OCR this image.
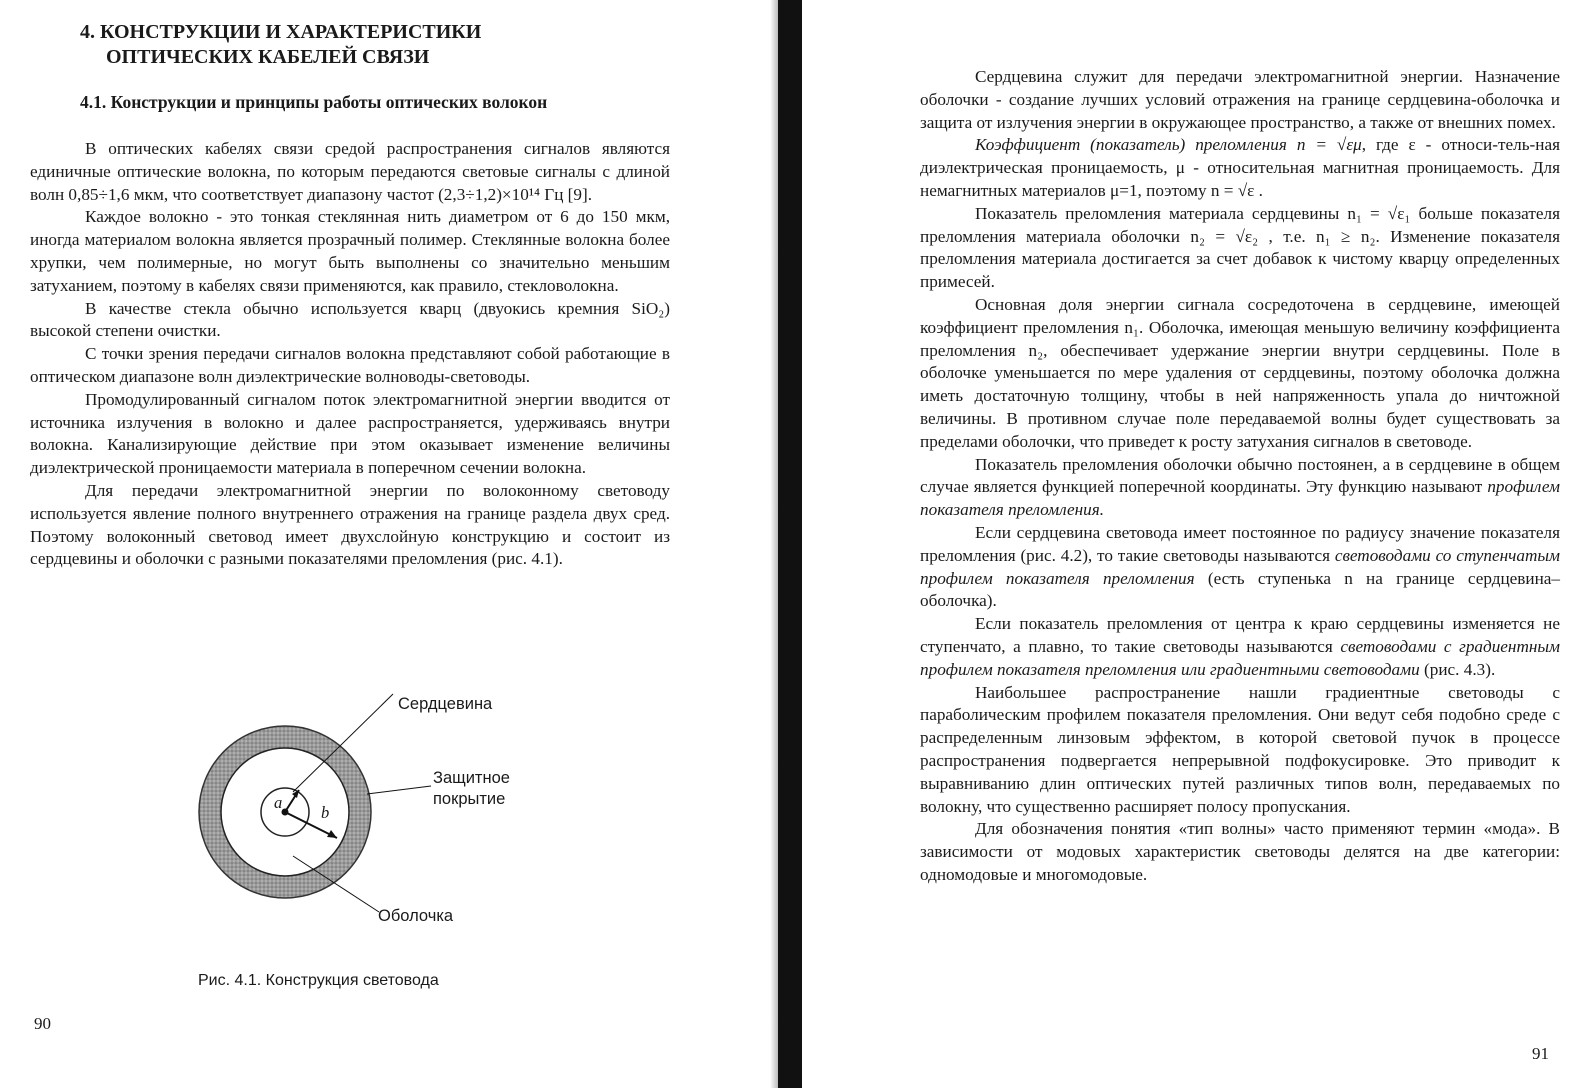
4. КОНСТРУКЦИИ И ХАРАКТЕРИСТИКИ
ОПТИЧЕСКИХ КАБЕЛЕЙ СВЯЗИ
4.1. Конструкции и принципы работы оптических волокон

В оптических кабелях связи средой распространения сигналов являются единичные оптические волокна, по которым передаются световые сигналы с длиной волн 0,85÷1,6 мкм, что соответствует диапазону частот (2,3÷1,2)×10¹⁴ Гц [9].

Каждое волокно - это тонкая стеклянная нить диаметром от 6 до 150 мкм, иногда материалом волокна является прозрачный полимер. Стеклянные волокна более хрупки, чем полимерные, но могут быть выполнены со значительно меньшим затуханием, поэтому в кабелях связи применяются, как правило, стекловолокна.

В качестве стекла обычно используется кварц (двуокись кремния SiO₂) высокой степени очистки.

С точки зрения передачи сигналов волокна представляют собой работающие в оптическом диапазоне волн диэлектрические волноводы-световоды.

Промодулированный сигналом поток электромагнитной энергии вводится от источника излучения в волокно и далее распространяется, удерживаясь внутри волокна. Канализирующие действие при этом оказывает изменение величины диэлектрической проницаемости материала в поперечном сечении волокна.

Для передачи электромагнитной энергии по волоконному световоду используется явление полного внутреннего отражения на границе раздела двух сред. Поэтому волоконный световод имеет двухслойную конструкцию и состоит из сердцевины и оболочки с разными показателями преломления (рис. 4.1).

Сердцевина
Защитное
покрытие
Оболочка
a
b
Рис. 4.1. Конструкция световода
90

Сердцевина служит для передачи электромагнитной энергии. Назначение оболочки - создание лучших условий отражения на границе сердцевина-оболочка и защита от излучения энергии в окружающее пространство, а также от внешних помех.

Коэффициент (показатель) преломления n = √εμ, где ε - относи-тель-ная диэлектрическая проницаемость, μ - относительная магнитная проницаемость. Для немагнитных материалов μ=1, поэтому n = √ε .

Показатель преломления материала сердцевины n₁ = √ε₁ больше показателя преломления материала оболочки n₂ = √ε₂ , т.е. n₁ ≥ n₂. Изменение показателя преломления материала достигается за счет добавок к чистому кварцу определенных примесей.

Основная доля энергии сигнала сосредоточена в сердцевине, имеющей коэффициент преломления n₁. Оболочка, имеющая меньшую величину коэффициента преломления n₂, обеспечивает удержание энергии внутри сердцевины. Поле в оболочке уменьшается по мере удаления от сердцевины, поэтому оболочка должна иметь достаточную толщину, чтобы в ней напряженность упала до ничтожной величины. В противном случае поле передаваемой волны будет существовать за пределами оболочки, что приведет к росту затухания сигналов в световоде.

Показатель преломления оболочки обычно постоянен, а в сердцевине в общем случае является функцией поперечной координаты. Эту функцию называют профилем показателя преломления.

Если сердцевина световода имеет постоянное по радиусу значение показателя преломления (рис. 4.2), то такие световоды называются световодами со ступенчатым профилем показателя преломления (есть ступенька n на границе сердцевина–оболочка).

Если показатель преломления от центра к краю сердцевины изменяется не ступенчато, а плавно, то такие световоды называются световодами с градиентным профилем показателя преломления или градиентными световодами (рис. 4.3).

Наибольшее распространение нашли градиентные световоды с параболическим профилем показателя преломления. Они ведут себя подобно среде с распределенным линзовым эффектом, в которой световой пучок в процессе распространения подвергается непрерывной подфокусировке. Это приводит к выравниванию длин оптических путей различных типов волн, передаваемых по волокну, что существенно расширяет полосу пропускания.

Для обозначения понятия «тип волны» часто применяют термин «мода». В зависимости от модовых характеристик световоды делятся на две категории: одномодовые и многомодовые.

91
